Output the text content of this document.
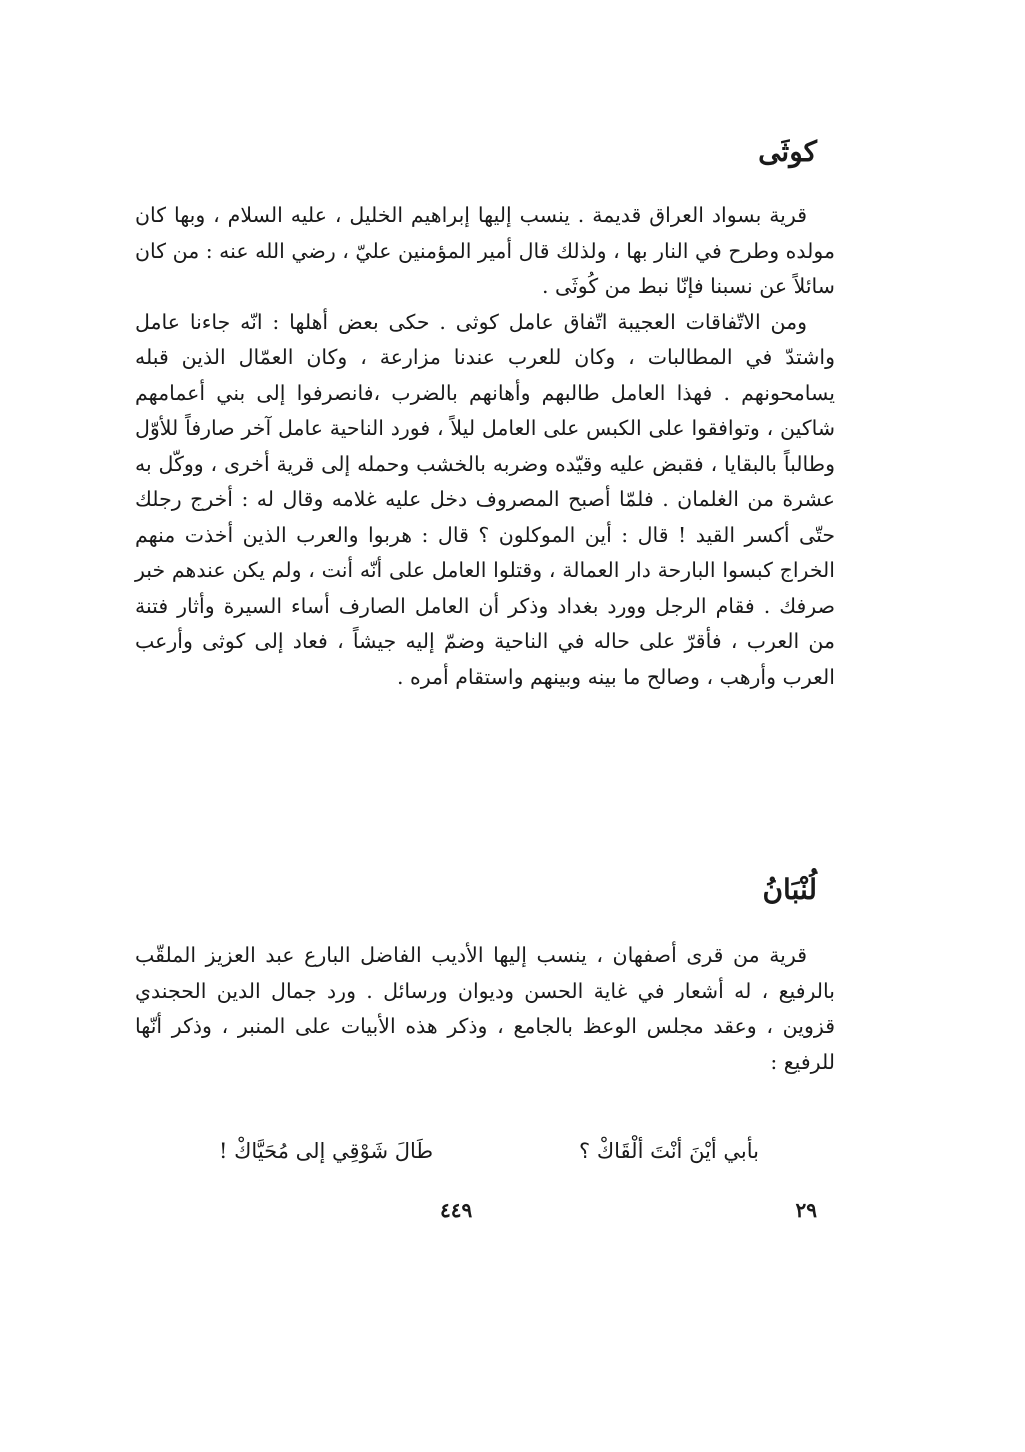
كوثَى

قرية بسواد العراق قديمة . ينسب إليها إبراهيم الخليل ، عليه السلام ، وبها كان مولده وطرح في النار بها ، ولذلك قال أمير المؤمنين عليّ ، رضي الله عنه : من كان سائلاً عن نسبنا فإنّا نبط من كُوثَى .

ومن الاتّفاقات العجيبة اتّفاق عامل كوثى . حكى بعض أهلها : انّه جاءنا عامل واشتدّ في المطالبات ، وكان للعرب عندنا مزارعة ، وكان العمّال الذين قبله يسامحونهم . فهذا العامل طالبهم وأهانهم بالضرب ،فانصرفوا إلى بني أعمامهم شاكين ، وتوافقوا على الكبس على العامل ليلاً ، فورد الناحية عامل آخر صارفاً للأوّل وطالباً بالبقايا ، فقبض عليه وقيّده وضربه بالخشب وحمله إلى قرية أخرى ، ووكّل به عشرة من الغلمان . فلمّا أصبح المصروف دخل عليه غلامه وقال له : أخرج رجلك حتّى أكسر القيد ! قال : أين الموكلون ؟ قال : هربوا والعرب الذين أخذت منهم الخراج كبسوا البارحة دار العمالة ، وقتلوا العامل على أنّه أنت ، ولم يكن عندهم خبر صرفك . فقام الرجل وورد بغداد وذكر أن العامل الصارف أساء السيرة وأثار فتنة من العرب ، فأقرّ على حاله في الناحية وضمّ إليه جيشاً ، فعاد إلى كوثى وأرعب العرب وأرهب ، وصالح ما بينه وبينهم واستقام أمره .

لُنْبَانُ

قرية من قرى أصفهان ، ينسب إليها الأديب الفاضل البارع عبد العزيز الملقّب بالرفيع ، له أشعار في غاية الحسن وديوان ورسائل . ورد جمال الدين الحجندي قزوين ، وعقد مجلس الوعظ بالجامع ، وذكر هذه الأبيات على المنبر ، وذكر أنّها للرفيع :

بأبي أيْنَ أنْتَ ألْقَاكْ ؟
طَالَ شَوْقِي إلى مُحَيَّاكْ !
٢٩
٤٤٩
